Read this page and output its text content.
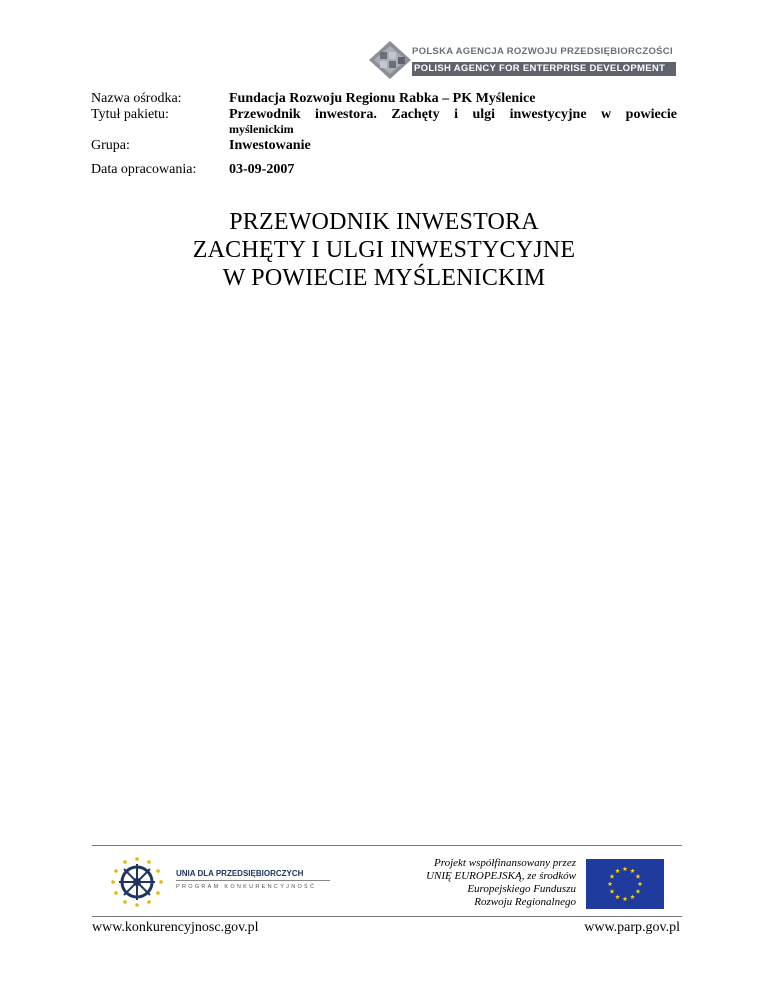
POLSKA AGENCJA ROZWOJU PRZEDSIĘBIORCZOŚCI
POLISH AGENCY FOR ENTERPRISE DEVELOPMENT
Nazwa ośrodka:	Fundacja Rozwoju Regionu Rabka – PK Myślenice
Tytuł pakietu:	Przewodnik inwestora. Zachęty i ulgi inwestycyjne w powiecie
myślenickim
Grupa:	Inwestowanie
Data opracowania:	03-09-2007
PRZEWODNIK INWESTORA
ZACHĘTY I ULGI INWESTYCYJNE
W POWIECIE MYŚLENICKIM
UNIA DLA PRZEDSIĘBIORCZYCH
PROGRAM KONKURENCYJNOŚĆ
Projekt współfinansowany przez
UNIĘ EUROPEJSKĄ, ze środków
Europejskiego Funduszu
Rozwoju Regionalnego
www.konkurencyjnosc.gov.pl	www.parp.gov.pl
